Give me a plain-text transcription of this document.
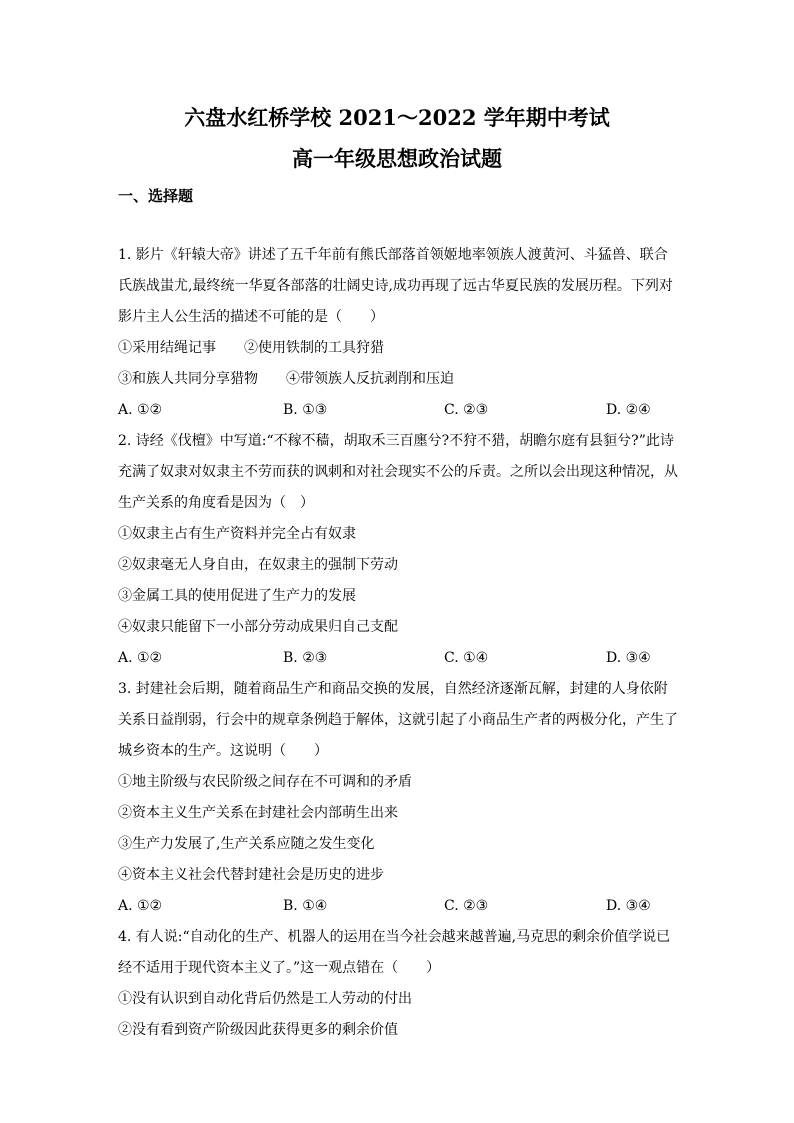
六盘水红桥学校 2021～2022 学年期中考试
高一年级思想政治试题
一、选择题
1. 影片《轩辕大帝》讲述了五千年前有熊氏部落首领姬地率领族人渡黄河、斗猛兽、联合
氏族战蚩尤,最终统一华夏各部落的壮阔史诗,成功再现了远古华夏民族的发展历程。下列对
影片主人公生活的描述不可能的是（　　）
①采用结绳记事　　②使用铁制的工具狩猎
③和族人共同分享猎物　　④带领族人反抗剥削和压迫
A. ①②	B. ①③	C. ②③	D. ②④
2. 诗经《伐檀》中写道:“不稼不穑，胡取禾三百廛兮?不狩不猎，胡瞻尔庭有县貆兮?”此诗
充满了奴隶对奴隶主不劳而获的讽刺和对社会现实不公的斥责。之所以会出现这种情况，从
生产关系的角度看是因为（　）
①奴隶主占有生产资料并完全占有奴隶
②奴隶毫无人身自由，在奴隶主的强制下劳动
③金属工具的使用促进了生产力的发展
④奴隶只能留下一小部分劳动成果归自己支配
A. ①②	B. ②③	C. ①④	D. ③④
3. 封建社会后期，随着商品生产和商品交换的发展，自然经济逐渐瓦解，封建的人身依附
关系日益削弱，行会中的规章条例趋于解体，这就引起了小商品生产者的两极分化，产生了
城乡资本的生产。这说明（　　）
①地主阶级与农民阶级之间存在不可调和的矛盾
②资本主义生产关系在封建社会内部萌生出来
③生产力发展了,生产关系应随之发生变化
④资本主义社会代替封建社会是历史的进步
A. ①②	B. ①④	C. ②③	D. ③④
4. 有人说:“自动化的生产、机器人的运用在当今社会越来越普遍,马克思的剩余价值学说已
经不适用于现代资本主义了。”这一观点错在（　　）
①没有认识到自动化背后仍然是工人劳动的付出
②没有看到资产阶级因此获得更多的剩余价值
